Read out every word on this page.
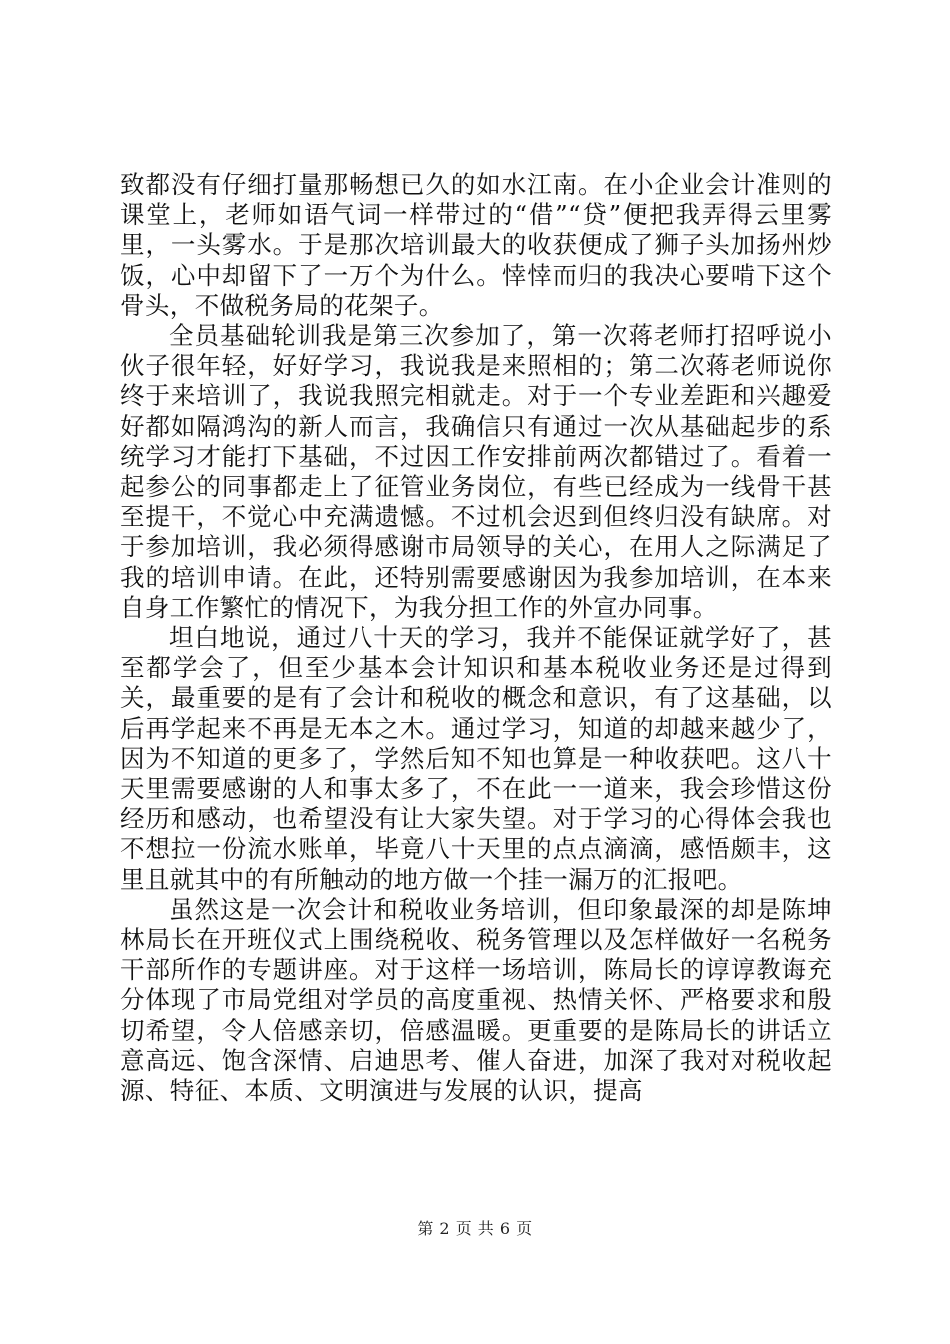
致都没有仔细打量那畅想已久的如水江南。在小企业会计准则的课堂上，老师如语气词一样带过的“借”“贷”便把我弄得云里雾里，一头雾水。于是那次培训最大的收获便成了狮子头加扬州炒饭，心中却留下了一万个为什么。悻悻而归的我决心要啃下这个骨头，不做税务局的花架子。

全员基础轮训我是第三次参加了，第一次蒋老师打招呼说小伙子很年轻，好好学习，我说我是来照相的；第二次蒋老师说你终于来培训了，我说我照完相就走。对于一个专业差距和兴趣爱好都如隔鸿沟的新人而言，我确信只有通过一次从基础起步的系统学习才能打下基础，不过因工作安排前两次都错过了。看着一起参公的同事都走上了征管业务岗位，有些已经成为一线骨干甚至提干，不觉心中充满遗憾。不过机会迟到但终归没有缺席。对于参加培训，我必须得感谢市局领导的关心，在用人之际满足了我的培训申请。在此，还特别需要感谢因为我参加培训，在本来自身工作繁忙的情况下，为我分担工作的外宣办同事。

坦白地说，通过八十天的学习，我并不能保证就学好了，甚至都学会了，但至少基本会计知识和基本税收业务还是过得到关，最重要的是有了会计和税收的概念和意识，有了这基础，以后再学起来不再是无本之木。通过学习，知道的却越来越少了，因为不知道的更多了，学然后知不知也算是一种收获吧。这八十天里需要感谢的人和事太多了，不在此一一道来，我会珍惜这份经历和感动，也希望没有让大家失望。对于学习的心得体会我也不想拉一份流水账单，毕竟八十天里的点点滴滴，感悟颇丰，这里且就其中的有所触动的地方做一个挂一漏万的汇报吧。

虽然这是一次会计和税收业务培训，但印象最深的却是陈坤林局长在开班仪式上围绕税收、税务管理以及怎样做好一名税务干部所作的专题讲座。对于这样一场培训，陈局长的谆谆教诲充分体现了市局党组对学员的高度重视、热情关怀、严格要求和殷切希望，令人倍感亲切，倍感温暖。更重要的是陈局长的讲话立意高远、饱含深情、启迪思考、催人奋进，加深了我对对税收起源、特征、本质、文明演进与发展的认识，提高

第 2 页 共 6 页
